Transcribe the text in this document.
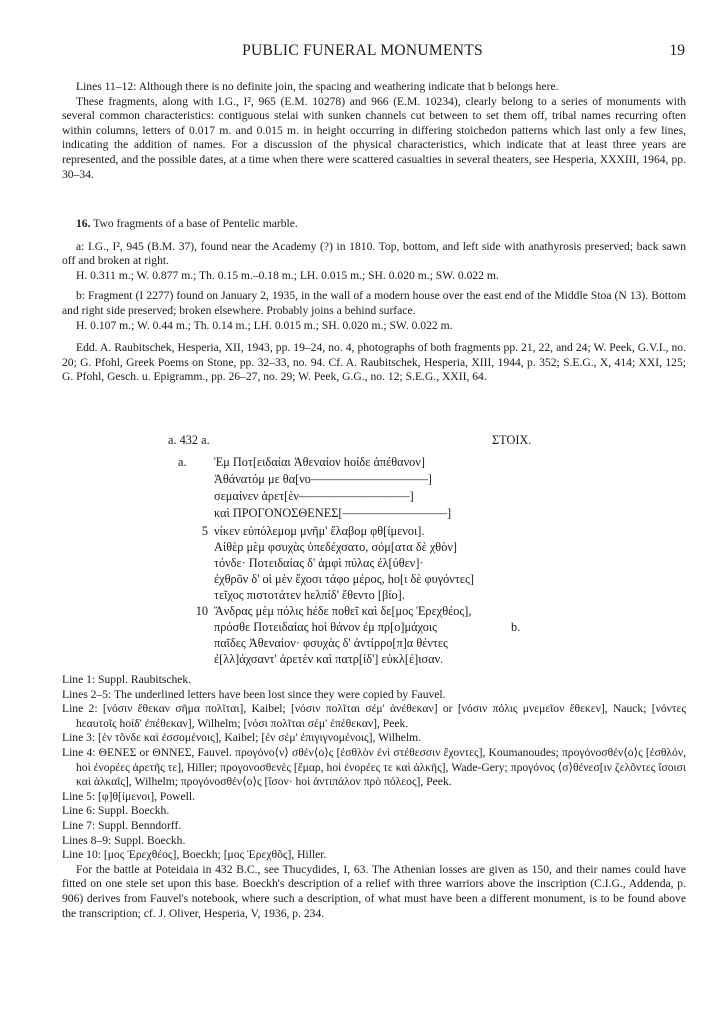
PUBLIC FUNERAL MONUMENTS	19

Lines 11–12: Although there is no definite join, the spacing and weathering indicate that b belongs here.

These fragments, along with I.G., I², 965 (E.M. 10278) and 966 (E.M. 10234), clearly belong to a series of monuments with several common characteristics: contiguous stelai with sunken channels cut between to set them off, tribal names recurring often within columns, letters of 0.017 m. and 0.015 m. in height occurring in differing stoichedon patterns which last only a few lines, indicating the addition of names. For a discussion of the physical characteristics, which indicate that at least three years are represented, and the possible dates, at a time when there were scattered casualties in several theaters, see Hesperia, XXXIII, 1964, pp. 30–34.

16. Two fragments of a base of Pentelic marble.

a: I.G., I², 945 (B.M. 37), found near the Academy (?) in 1810. Top, bottom, and left side with anathyrosis preserved; back sawn off and broken at right.

H. 0.311 m.; W. 0.877 m.; Th. 0.15 m.–0.18 m.; LH. 0.015 m.; SH. 0.020 m.; SW. 0.022 m.

b: Fragment (I 2277) found on January 2, 1935, in the wall of a modern house over the east end of the Middle Stoa (N 13). Bottom and right side preserved; broken elsewhere. Probably joins a behind surface.

H. 0.107 m.; W. 0.44 m.; Th. 0.14 m.; LH. 0.015 m.; SH. 0.020 m.; SW. 0.022 m.

Edd. A. Raubitschek, Hesperia, XII, 1943, pp. 19–24, no. 4, photographs of both fragments pp. 21, 22, and 24; W. Peek, G.V.I., no. 20; G. Pfohl, Greek Poems on Stone, pp. 32–33, no. 94. Cf. A. Raubitschek, Hesperia, XIII, 1944, p. 352; S.E.G., X, 414; XXI, 125; G. Pfohl, Gesch. u. Epigramm., pp. 26–27, no. 29; W. Peek, G.G., no. 12; S.E.G., XXII, 64.

a. 432 a.	ΣΤΟΙΧ.
a.
5
10
b.
Ἐμ Ποτ[ειδαίαι Ἀθεναίον hοίδε ἀπέθανον]
Ἀθάνατόμ με θα[νο–––––––––––––––––––]
σεμαίνεν ἀρετ[ὲν––––––––––––––––––]
καὶ ΠΡΟΓΟΝΟΣΘΕΝΕΣ[–––––––––––––––––]
νίκεν εὐπόλεμομ μνῆμ' ἔλαβομ φθ[ίμενοι].
Αἰθὲρ μὲμ φσυχὰς ὑπεδέχσατο, σόμ[ατα δὲ χθὸν]
τόνδε· Ποτειδαίας δ' ἀμφὶ πύλας ἐλ[ύθεν]·
ἐχθρõν δ' οἱ μὲν ἔχοσι τάφο μέρος, hο[ι δὲ φυγόντες]
τεῖχος πιστοτάτεν hελπίδ' ἔθεντο [βίο].
Ἄνδρας μὲμ πόλις hέδε ποθεῖ καὶ δε[μος Ἐρεχθέος],
πρόσθε Ποτειδαίας hοὶ θάνον ἐμ πρ[ο]μάχοις
παῖδες Ἀθεναίον· φσυχὰς δ' ἀντίρρο[π]α θέντες
ἐ[λλ]άχσαντ' ἀρετὲν καὶ πατρ[ίδ'] εὐκλ[έ]ισαν.

Line 1: Suppl. Raubitschek.

Lines 2–5: The underlined letters have been lost since they were copied by Fauvel.

Line 2: [νόσιν ἔθεκαν σῆμα πολῖται], Kaibel; [νόσιν πολῖται σέμ' ἀνέθεκαν] or [νόσιν πόλις μνεμεῖον ἔθεκεν], Nauck; [νόντες hεαυτοῖς hοίδ' ἐπέθεκαν], Wilhelm; [νόσι πολῖται σέμ' ἐπέθεκαν], Peek.

Line 3: [ἐν τõνδε καὶ ἐσσομένοις], Kaibel; [ἐν σέμ' ἐπιγιγνομένοις], Wilhelm.

Line 4: ΘΕΝΕΣ or ΘΝΝΕΣ, Fauvel. προγόνο⟨ν⟩ σθέν⟨ο⟩ς [ἐσθλὸν ἐνὶ στέθεσσιν ἔχοντες], Koumanoudes; προγόνοσθέν⟨ο⟩ς [ἐσθλόν, hοὶ ἐνορέες ἀρετῆς τε], Hiller; προγονοσθενὲς [ἔμαρ, hοὶ ἐνορέες τε καὶ ἀλκῆς], Wade-Gery; προγόνος ⟨σ⟩θένεσ[ιν ζελõντες ἴσοισι καὶ ἀλκαῖς], Wilhelm; προγόνοσθέν⟨ο⟩ς [ἴσον· hοὶ ἀντιπάλον πρὸ πόλεος], Peek.

Line 5: [φ]θ[ίμενοι], Powell.

Line 6: Suppl. Boeckh.

Line 7: Suppl. Benndorff.

Lines 8–9: Suppl. Boeckh.

Line 10: [μος Ἐρεχθέος], Boeckh; [μος Ἐρεχθõς], Hiller.

For the battle at Poteidaia in 432 B.C., see Thucydides, I, 63. The Athenian losses are given as 150, and their names could have fitted on one stele set upon this base. Boeckh's description of a relief with three warriors above the inscription (C.I.G., Addenda, p. 906) derives from Fauvel's notebook, where such a description, of what must have been a different monument, is to be found above the transcription; cf. J. Oliver, Hesperia, V, 1936, p. 234.
